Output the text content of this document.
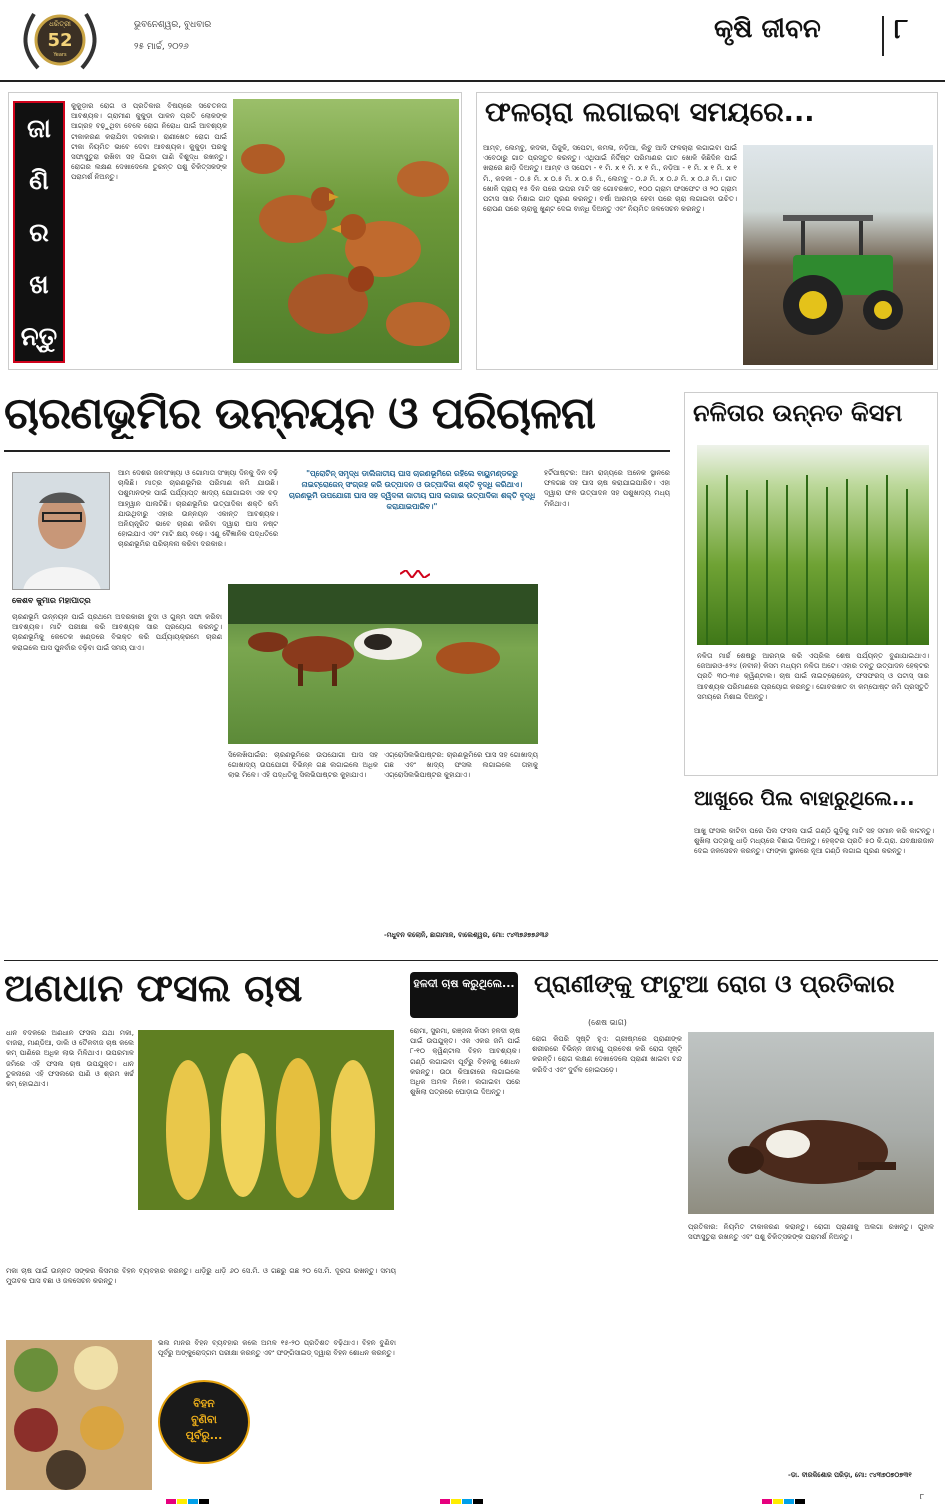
ଧରିତ୍ରୀ
52
Years
ଭୁବନେଶ୍ୱର, ବୁଧବାର
୨୫ ମାର୍ଚ୍ଚ, ୨୦୨୬
କୃଷି ଜୀବନ	୮
ଜା
ଣି
ର
ଖ
ନ୍ତୁ
କୁକୁଡ଼ାର ରୋଗ ଓ ପ୍ରତିକାର ବିଷୟରେ ସଚେତନତା ଆବଶ୍ୟକ। ଗ୍ରାମୀଣ କୁକୁଡ଼ା ପାଳନ ପ୍ରତି ଲୋକଙ୍କ ଆଗ୍ରହ ବଢ଼ୁଥିବା ବେଳେ ରୋଗ ନିରୋଧ ପାଇଁ ଆବଶ୍ୟକ ଟୀକାକରଣ କରାଯିବା ଦରକାର। ରାଣୀଖେତ ରୋଗ ପାଇଁ ଟୀକା ନିୟମିତ ଭାବେ ଦେବା ଆବଶ୍ୟକ। କୁକୁଡ଼ା ଘରକୁ ସଫାସୁତୁରା ରଖିବା ସହ ପିଇବା ପାଣି ବିଶୁଦ୍ଧ ରଖନ୍ତୁ। ରୋଗର ଲକ୍ଷଣ ଦେଖାଦେଲେ ତୁରନ୍ତ ପଶୁ ଚିକିତ୍ସକଙ୍କ ପରାମର୍ଶ ନିଅନ୍ତୁ।
ଫଳଚାରା ଲଗାଇବା ସମୟରେ...
ଆମ୍ବ, ଲେମ୍ବୁ, କଦଳୀ, ପିଜୁଳି, ସପେଟା, କମଳା, ନଡ଼ିଆ, ଲିଚୁ ଆଦି ଫଳଚାରା ଲଗାଇବା ପାଇଁ ଏବେଠାରୁ ଗାତ ପ୍ରସ୍ତୁତ କରନ୍ତୁ। ଏଥିପାଇଁ ନିର୍ଦ୍ଦିଷ୍ଟ ପରିମାଣର ଗାତ ଖୋଳି କିଛିଦିନ ପାଇଁ ଖରାରେ ଛାଡ଼ି ଦିଅନ୍ତୁ। ଆମ୍ବ ଓ ସପେଟା - ୧ ମି. x ୧ ମି. x ୧ ମି., ନଡ଼ିଆ - ୧ ମି. x ୧ ମି. x ୧ ମି., କଦଳୀ - ୦.୫ ମି. x ୦.୫ ମି. x ୦.୫ ମି., ଲେମ୍ବୁ - ୦.୬ ମି. x ୦.୬ ମି. x ୦.୬ ମି.। ଗାତ ଖୋଳି ପ୍ରାୟ ୧୫ ଦିନ ପରେ ଉପର ମାଟି ସହ ଗୋବରଖତ, ୧୦୦ ଗ୍ରାମ ଫସଫେଟ ଓ ୨୦ ଗ୍ରାମ ପଟାସ ସାର ମିଶାଇ ଗାତ ପୂରଣ କରନ୍ତୁ। ବର୍ଷା ଆରମ୍ଭ ହେବା ପରେ ଚାରା ଲଗାଇବା ଉଚିତ। ରୋପଣ ପରେ ଚାରାକୁ ଖୁଣ୍ଟ ଦେଇ ବାନ୍ଧି ଦିଅନ୍ତୁ ଏବଂ ନିୟମିତ ଜଳସେଚନ କରନ୍ତୁ।
ଚାରଣଭୂମିର ଉନ୍ନୟନ ଓ ପରିଚାଳନା
କେଶବ କୁମାର ମହାପାତ୍ର
ଆମ ଦେଶର ଜନସଂଖ୍ୟା ଓ ଗୋମାତା ସଂଖ୍ୟା ଦିନକୁ ଦିନ ବଢ଼ି ଚାଲିଛି। ମାତ୍ର ଚାରଣଭୂମିର ପରିମାଣ କମି ଯାଉଛି। ପଶୁମାନଙ୍କ ପାଇଁ ପର୍ଯ୍ୟାପ୍ତ ଖାଦ୍ୟ ଯୋଗାଇବା ଏକ ବଡ଼ ଆହ୍ୱାନ ପାଲଟିଛି। ଚାରଣଭୂମିର ଉତ୍ପାଦିକା ଶକ୍ତି କମି ଯାଉଥିବାରୁ ଏହାର ଉନ୍ନୟନ ଏକାନ୍ତ ଆବଶ୍ୟକ। ଅନିୟନ୍ତ୍ରିତ ଭାବେ ଚାରଣ କରିବା ଦ୍ୱାରା ଘାସ ନଷ୍ଟ ହୋଇଯାଏ ଏବଂ ମାଟି କ୍ଷୟ ବଢ଼େ। ଏଣୁ ବୈଜ୍ଞାନିକ ପଦ୍ଧତିରେ ଚାରଣଭୂମିର ପରିଚାଳନା କରିବା ଦରକାର।
"ପ୍ରୋଟିନ୍ ସମୃଦ୍ଧ ଡାଲିଜାତୀୟ ଘାସ ଚାରଣଭୂମିରେ ରହିଲେ ବାୟୁମଣ୍ଡଳରୁ ନାଇଟ୍ରୋଜେନ୍ ସଂଗ୍ରହ କରି ଉତ୍ପାଦନ ଓ ଉତ୍ପାଦିକା ଶକ୍ତି ବୃଦ୍ଧି କରିଥାଏ। ଚାରଣଭୂମି ଉପଯୋଗୀ ଘାସ ସହ ଦ୍ୱିଦଳୀ ଜାତୀୟ ଘାସ ଲଗାଇ ଉତ୍ପାଦିକା ଶକ୍ତି ବୃଦ୍ଧି କରାଯାଇପାରିବ।"
ହର୍ଟିପାଷ୍ଟର: ଆମ ରାଜ୍ୟରେ ଅନେକ ସ୍ଥାନରେ ଫଳଗଛ ସହ ଘାସ ଚାଷ କରାଯାଇପାରିବ। ଏହା ଦ୍ୱାରା ଫଳ ଉତ୍ପାଦନ ସହ ପଶୁଖାଦ୍ୟ ମଧ୍ୟ ମିଳିଥାଏ।
ଚାରଣଭୂମି ଉନ୍ନୟନ ପାଇଁ ପ୍ରଥମେ ଅଦରକାରୀ ବୁଦା ଓ ଗୁଳ୍ମ ସଫା କରିବା ଆବଶ୍ୟକ। ମାଟି ପରୀକ୍ଷା କରି ଆବଶ୍ୟକ ସାର ପ୍ରୟୋଗ କରନ୍ତୁ। ଚାରଣଭୂମିକୁ କେତେକ ଖଣ୍ଡରେ ବିଭକ୍ତ କରି ପର୍ଯ୍ୟାୟକ୍ରମେ ଚାରଣ କରାଇଲେ ଘାସ ପୁନର୍ବାର ବଢ଼ିବା ପାଇଁ ସମୟ ପାଏ।
ସିଲେଖିପାଇଁର: ଚାରଣଭୂମିରେ ଉପଯୋଗୀ ଘାସ ସହ ଗୋଖାଦ୍ୟ ଉପଯୋଗୀ ବିଭିନ୍ନ ଗଛ ଲଗାଇଲେ ଅଧିକ ଲାଭ ମିଳେ। ଏହି ପଦ୍ଧତିକୁ ସିଲଭିପାଷ୍ଟର କୁହାଯାଏ।
ଏଗ୍ରୋସିଲଭିପାଷ୍ଟର: ଚାରଣଭୂମିରେ ଘାସ ସହ ଗୋଖାଦ୍ୟ ଗଛ ଏବଂ ଖାଦ୍ୟ ଫସଲ ଲଗାଇଲେ ତାହାକୁ ଏଗ୍ରୋସିଲଭିପାଷ୍ଟର କୁହାଯାଏ।
-ମଧୁବନ କଲୋନି, ଛାଗାମାଳ, ବାଲେଶ୍ୱର, ମୋ: ୯୪୩୭୬୭୭୬୩୬
ନଳିତାର ଉନ୍ନତ କିସମ
ନଳିତା ମାର୍ଚ୍ଚ ଶେଷରୁ ଆରମ୍ଭ କରି ଏପ୍ରିଲ ଶେଷ ପର୍ଯ୍ୟନ୍ତ ବୁଣାଯାଇଥାଏ। ଜେଆରଓ-୫୨୪ (ନବୀନ) କିସମ ମଧ୍ୟମ ନଳିତା ଅଟେ। ଏହାର ତନ୍ତୁ ଉତ୍ପାଦନ ହେକ୍ଟର ପ୍ରତି ୩୦-୩୫ କ୍ୱିଣ୍ଟାଲ। ଚାଷ ପାଇଁ ନାଇଟ୍ରୋଜେନ୍, ଫସଫରସ୍ ଓ ପଟାସ୍ ସାର ଆବଶ୍ୟକ ପରିମାଣରେ ପ୍ରୟୋଗ କରନ୍ତୁ। ଗୋବରଖତ ବା କମ୍ପୋଷ୍ଟ ଜମି ପ୍ରସ୍ତୁତି ସମୟରେ ମିଶାଇ ଦିଅନ୍ତୁ।
ଆଖୁରେ ପିଲ ବାହାରୁଥିଲେ...
ଆଖୁ ଫସଲ କାଟିବା ପରେ ପିଲ ଫସଲ ପାଇଁ ଗଣ୍ଠି ଗୁଡ଼ିକୁ ମାଟି ସହ ସମାନ କରି କାଟନ୍ତୁ। ଶୁଖିଲା ପତ୍ରକୁ ଧାଡ଼ି ମଧ୍ୟରେ ବିଛାଇ ଦିଅନ୍ତୁ। ହେକ୍ଟର ପ୍ରତି ୫୦ କି.ଗ୍ରା. ଯବକ୍ଷାରଜାନ ଦେଇ ଜଳସେଚନ କରନ୍ତୁ। ଫାଙ୍କା ସ୍ଥାନରେ ନୂଆ ଗଣ୍ଠି ଲଗାଇ ପୂରଣ କରନ୍ତୁ।
ଅଣଧାନ ଫସଲ ଚାଷ
ଧାନ ବଦଳରେ ଅଣଧାନ ଫସଲ ଯଥା ମକା, ବାଜରା, ମାଣ୍ଡିଆ, ଡାଲି ଓ ତୈଳବୀଜ ଚାଷ କଲେ କମ୍ ପାଣିରେ ଅଧିକ ଲାଭ ମିଳିଥାଏ। ଉପରମାଳ ଜମିରେ ଏହି ଫସଲ ଚାଷ ଉପଯୁକ୍ତ। ଧାନ ତୁଳନାରେ ଏହି ଫସଲରେ ପାଣି ଓ ଶ୍ରମ ଖର୍ଚ୍ଚ କମ୍ ହୋଇଥାଏ।
ମକା ଚାଷ ପାଇଁ ଉନ୍ନତ ସଙ୍କର କିସମର ବିହନ ବ୍ୟବହାର କରନ୍ତୁ। ଧାଡ଼ିରୁ ଧାଡ଼ି ୬୦ ସେ.ମି. ଓ ଗଛରୁ ଗଛ ୨୦ ସେ.ମି. ଦୂରତା ରଖନ୍ତୁ। ସମୟ ମୁତାବକ ଘାସ ବଛା ଓ ଜଳସେଚନ କରନ୍ତୁ।
ବିହନ
ବୁଣିବା
ପୂର୍ବରୁ...
ଭଲ ମାନର ବିହନ ବ୍ୟବହାର କଲେ ଅମଳ ୧୫-୨୦ ପ୍ରତିଶତ ବଢ଼ିଥାଏ। ବିହନ ବୁଣିବା ପୂର୍ବରୁ ଅଙ୍କୁରୋଦ୍ଗମ ପରୀକ୍ଷା କରନ୍ତୁ ଏବଂ ଫଙ୍ଗିସାଇଡ୍ ଦ୍ୱାରା ବିହନ ଶୋଧନ କରନ୍ତୁ।
ହଳଦୀ ଚାଷ କରୁଥିଲେ...
ରୋମା, ସୁରମା, ରଞ୍ଜନା କିସମ ହଳଦୀ ଚାଷ ପାଇଁ ଉପଯୁକ୍ତ। ଏକ ଏକର ଜମି ପାଇଁ ୮-୧୦ କ୍ୱିଣ୍ଟାଲ ବିହନ ଆବଶ୍ୟକ। ଗଣ୍ଠି ଲଗାଇବା ପୂର୍ବରୁ ବିହନକୁ ଶୋଧନ କରନ୍ତୁ। ଉଠା କିଆରୀରେ ଲଗାଇଲେ ଅଧିକ ଅମଳ ମିଳେ। ଲଗାଇବା ପରେ ଶୁଖିଲା ପତ୍ରରେ ଘୋଡ଼ାଇ ଦିଅନ୍ତୁ।
ପ୍ରାଣୀଙ୍କୁ ଫାଟୁଆ ରୋଗ ଓ ପ୍ରତିକାର
(ଶେଷ ଭାଗ)
ରୋଗ କିପରି ସୃଷ୍ଟି ହୁଏ: ଗ୍ରୀଷ୍ମରେ ପ୍ରାଣୀଙ୍କ ଶରୀରରେ ବିଭିନ୍ନ ଜୀବାଣୁ ପ୍ରବେଶ କରି ରୋଗ ସୃଷ୍ଟି କରନ୍ତି। ରୋଗ ଲକ୍ଷଣ ଦେଖାଦେଲେ ପ୍ରାଣୀ ଖାଇବା ବନ୍ଦ କରିଦିଏ ଏବଂ ଦୁର୍ବଳ ହୋଇପଡ଼େ।
ପ୍ରତିକାର: ନିୟମିତ ଟୀକାକରଣ କରାନ୍ତୁ। ରୋଗୀ ପ୍ରାଣୀକୁ ଅଲଗା ରଖନ୍ତୁ। ଗୁହାଳ ସଫାସୁତୁରା ରଖନ୍ତୁ ଏବଂ ପଶୁ ଚିକିତ୍ସକଙ୍କ ପରାମର୍ଶ ନିଅନ୍ତୁ।
-ଡା. ବୀରକିଶୋର ପରିଡ଼ା, ମୋ: ୯୪୩୭୦୭୦୭୩୧
୮
